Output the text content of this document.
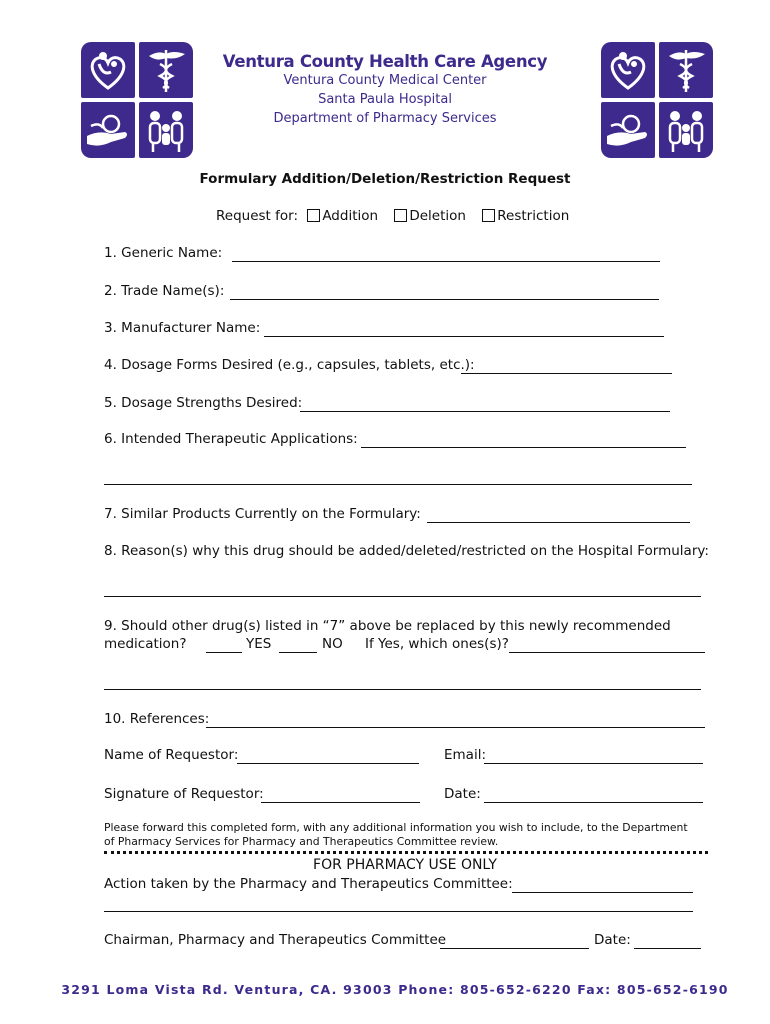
Ventura County Health Care Agency
Ventura County Medical Center
Santa Paula Hospital
Department of Pharmacy Services
Formulary Addition/Deletion/Restriction Request
Request for: Addition Deletion Restriction
1. Generic Name:
2. Trade Name(s):
3. Manufacturer Name:
4. Dosage Forms Desired (e.g., capsules, tablets, etc.):
5. Dosage Strengths Desired:
6. Intended Therapeutic Applications:
7. Similar Products Currently on the Formulary:
8. Reason(s) why this drug should be added/deleted/restricted on the Hospital Formulary:
9. Should other drug(s) listed in “7” above be replaced by this newly recommended
medication?	YES	NO If Yes, which ones(s)?
10. References:
Name of Requestor:	Email:
Signature of Requestor:	Date:
Please forward this completed form, with any additional information you wish to include, to the Department
of Pharmacy Services for Pharmacy and Therapeutics Committee review.
FOR PHARMACY USE ONLY
Action taken by the Pharmacy and Therapeutics Committee:
Chairman, Pharmacy and Therapeutics Committee	Date:
3291 Loma Vista Rd. Ventura, CA. 93003 Phone: 805-652-6220 Fax: 805-652-6190
